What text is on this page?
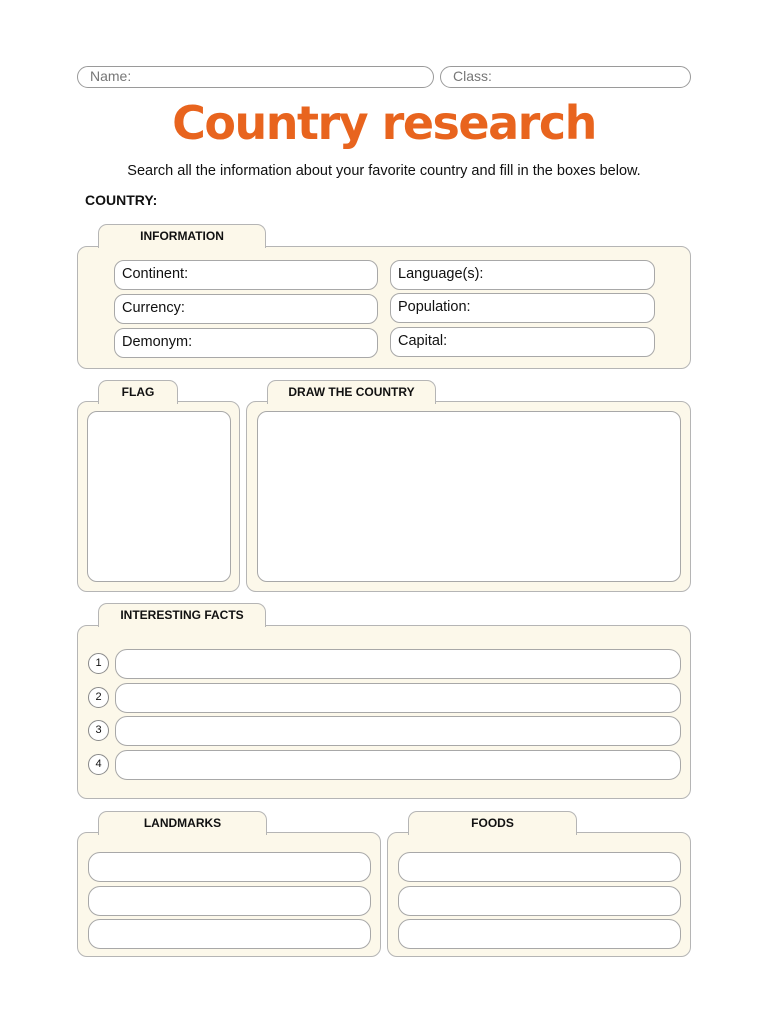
Name:	Class:
Country research
Search all the information about your favorite country and fill in the boxes below.
COUNTRY:
INFORMATION
Continent:	Language(s):
Currency:	Population:
Demonym:	Capital:
FLAG	DRAW THE COUNTRY
INTERESTING FACTS
1
2
3
4
LANDMARKS	FOODS
